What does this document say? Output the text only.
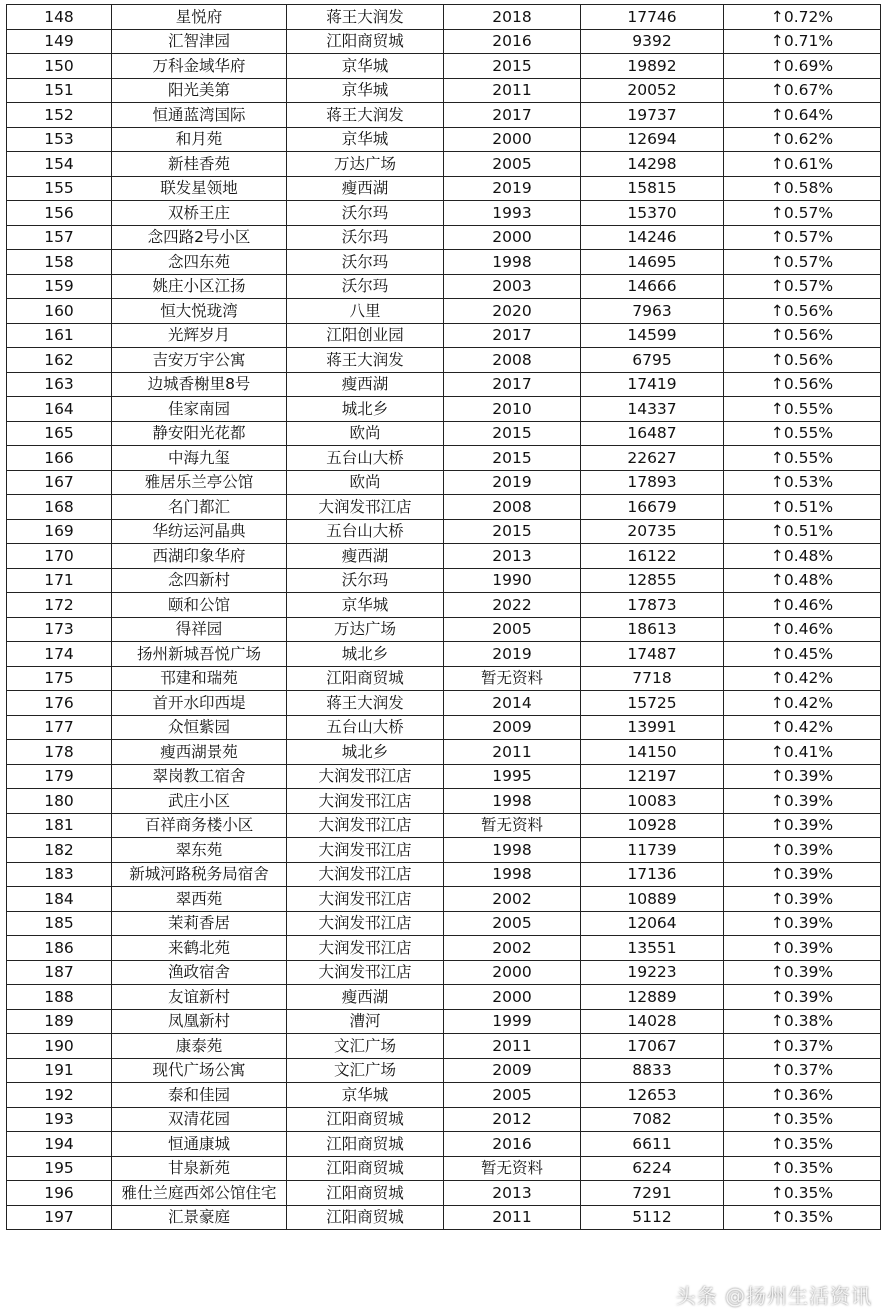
148	星悦府	蒋王大润发	2018	17746	↑0.72%
149	汇智津园	江阳商贸城	2016	9392	↑0.71%
150	万科金域华府	京华城	2015	19892	↑0.69%
151	阳光美第	京华城	2011	20052	↑0.67%
152	恒通蓝湾国际	蒋王大润发	2017	19737	↑0.64%
153	和月苑	京华城	2000	12694	↑0.62%
154	新桂香苑	万达广场	2005	14298	↑0.61%
155	联发星领地	瘦西湖	2019	15815	↑0.58%
156	双桥王庄	沃尔玛	1993	15370	↑0.57%
157	念四路2号小区	沃尔玛	2000	14246	↑0.57%
158	念四东苑	沃尔玛	1998	14695	↑0.57%
159	姚庄小区江扬	沃尔玛	2003	14666	↑0.57%
160	恒大悦珑湾	八里	2020	7963	↑0.56%
161	光辉岁月	江阳创业园	2017	14599	↑0.56%
162	吉安万宇公寓	蒋王大润发	2008	6795	↑0.56%
163	边城香榭里8号	瘦西湖	2017	17419	↑0.56%
164	佳家南园	城北乡	2010	14337	↑0.55%
165	静安阳光花都	欧尚	2015	16487	↑0.55%
166	中海九玺	五台山大桥	2015	22627	↑0.55%
167	雅居乐兰亭公馆	欧尚	2019	17893	↑0.53%
168	名门都汇	大润发邗江店	2008	16679	↑0.51%
169	华纺运河晶典	五台山大桥	2015	20735	↑0.51%
170	西湖印象华府	瘦西湖	2013	16122	↑0.48%
171	念四新村	沃尔玛	1990	12855	↑0.48%
172	颐和公馆	京华城	2022	17873	↑0.46%
173	得祥园	万达广场	2005	18613	↑0.46%
174	扬州新城吾悦广场	城北乡	2019	17487	↑0.45%
175	邗建和瑞苑	江阳商贸城	暂无资料	7718	↑0.42%
176	首开水印西堤	蒋王大润发	2014	15725	↑0.42%
177	众恒紫园	五台山大桥	2009	13991	↑0.42%
178	瘦西湖景苑	城北乡	2011	14150	↑0.41%
179	翠岗教工宿舍	大润发邗江店	1995	12197	↑0.39%
180	武庄小区	大润发邗江店	1998	10083	↑0.39%
181	百祥商务楼小区	大润发邗江店	暂无资料	10928	↑0.39%
182	翠东苑	大润发邗江店	1998	11739	↑0.39%
183	新城河路税务局宿舍	大润发邗江店	1998	17136	↑0.39%
184	翠西苑	大润发邗江店	2002	10889	↑0.39%
185	茉莉香居	大润发邗江店	2005	12064	↑0.39%
186	来鹤北苑	大润发邗江店	2002	13551	↑0.39%
187	渔政宿舍	大润发邗江店	2000	19223	↑0.39%
188	友谊新村	瘦西湖	2000	12889	↑0.39%
189	凤凰新村	漕河	1999	14028	↑0.38%
190	康泰苑	文汇广场	2011	17067	↑0.37%
191	现代广场公寓	文汇广场	2009	8833	↑0.37%
192	泰和佳园	京华城	2005	12653	↑0.36%
193	双清花园	江阳商贸城	2012	7082	↑0.35%
194	恒通康城	江阳商贸城	2016	6611	↑0.35%
195	甘泉新苑	江阳商贸城	暂无资料	6224	↑0.35%
196	雅仕兰庭西郊公馆住宅	江阳商贸城	2013	7291	↑0.35%
197	汇景豪庭	江阳商贸城	2011	5112	↑0.35%
头条 @扬州生活资讯
